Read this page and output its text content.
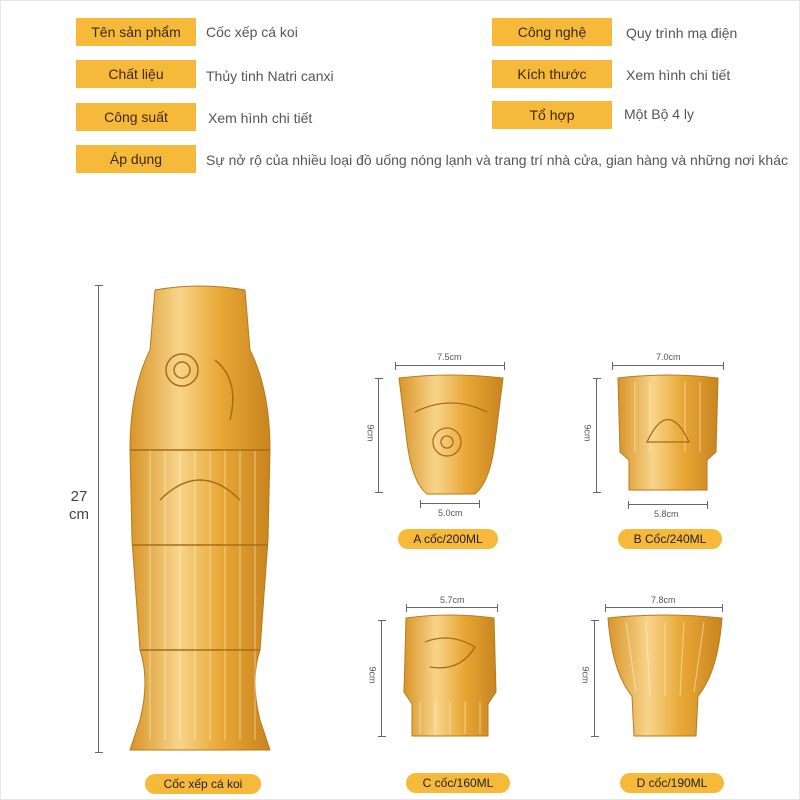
Tên sản phẩm	Cốc xếp cá koi	Công nghệ	Quy trình mạ điện
Chất liệu	Thủy tinh Natri canxi	Kích thước	Xem hình chi tiết
Công suất	Xem hình chi tiết	Tổ hợp	Một Bộ 4 ly
Áp dụng	Sự nở rộ của nhiều loại đồ uống nóng lạnh và trang trí nhà cửa, gian hàng và những nơi khác
27
cm
Cốc xếp cá koi
7.5cm
9cm
5.0cm
A cốc/200ML
7.0cm
9cm
5.8cm
B Cốc/240ML
5.7cm
9cm
C cốc/160ML
7.8cm
9cm
D cốc/190ML
